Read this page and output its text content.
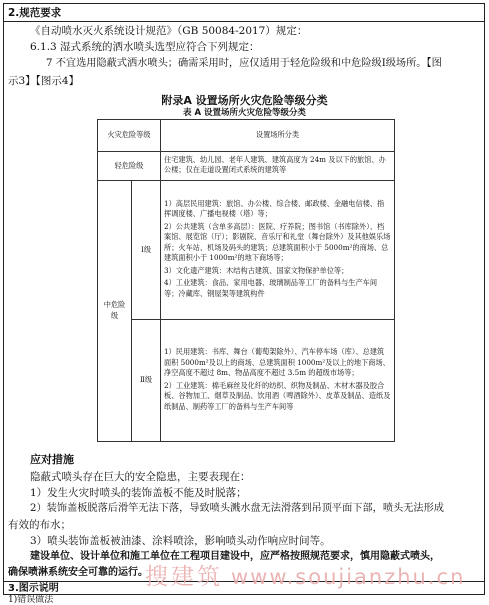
2.规范要求
《自动喷水灭火系统设计规范》（GB 50084-2017）规定：
6.1.3 湿式系统的洒水喷头选型应符合下列规定：
7 不宜选用隐蔽式洒水喷头；确需采用时，应仅适用于轻危险级和中危险级Ⅰ级场所。【图
示3】【图示4】
附录A 设置场所火灾危险等级分类
表 A 设置场所火灾危险等级分类
火灾危险等级		设置场所分类
轻危险级		住宅建筑、幼儿园、老年人建筑、建筑高度为 24m 及以下的旅馆、办公楼；仅在走道设置闭式系统的建筑等

中危险级	Ⅰ级	1）高层民用建筑：旅馆、办公楼、综合楼、邮政楼、金融电信楼、指挥调度楼、广播电视楼（塔）等；
2）公共建筑（含单多高层）：医院、疗养院；图书馆（书库除外）、档案馆、展览馆（厅）；影剧院、音乐厅和礼堂（舞台除外）及其他娱乐场所；火车站、机场及码头的建筑；总建筑面积小于 5000m²的商场、总建筑面积小于 1000m²的地下商场等；
3）文化遗产建筑：木结构古建筑、国家文物保护单位等；
4）工业建筑：食品、家用电器、玻璃制品等工厂的备料与生产车间等；冷藏库、钢屋架等建筑构件

	Ⅱ级	1）民用建筑：书库、舞台（葡萄架除外）、汽车停车场（库）、总建筑面积 5000m²及以上的商场、总建筑面积 1000m²及以上的地下商场、净空高度不超过 8m、物品高度不超过 3.5m 的超级市场等；
2）工业建筑：棉毛麻丝及化纤的纺织、织物及制品、木材木器及胶合板、谷物加工、烟草及制品、饮用酒（啤酒除外）、皮革及制品、造纸及纸制品、制药等工厂的备料与生产车间等
应对措施
隐蔽式喷头存在巨大的安全隐患，主要表现在：
1）发生火灾时喷头的装饰盖板不能及时脱落；
2）装饰盖板脱落后滑竿无法下落，导致喷头溅水盘无法滑落到吊顶平面下部，喷头无法形成
有效的布水；
3）喷头装饰盖板被油漆、涂料喷涂，影响喷头动作响应时间等。
建设单位、设计单位和施工单位在工程项目建设中，应严格按照规范要求，慎用隐蔽式喷头，
确保喷淋系统安全可靠的运行。
3.图示说明
1)错误做法
搜建筑 www.soujianzhu.cn
